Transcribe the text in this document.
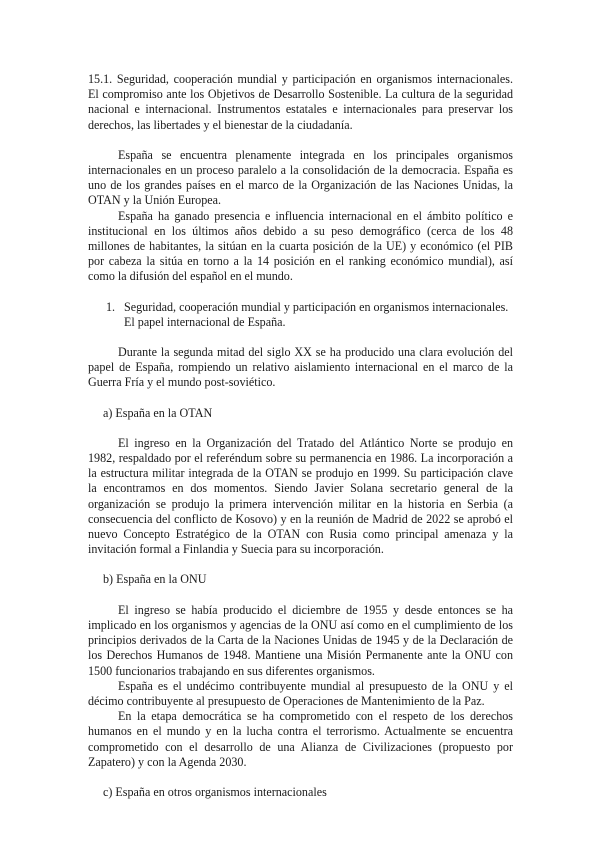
15.1. Seguridad, cooperación mundial y participación en organismos internacionales. El compromiso ante los Objetivos de Desarrollo Sostenible. La cultura de la seguridad nacional e internacional. Instrumentos estatales e internacionales para preservar los derechos, las libertades y el bienestar de la ciudadanía.

España se encuentra plenamente integrada en los principales organismos internacionales en un proceso paralelo a la consolidación de la democracia. España es uno de los grandes países en el marco de la Organización de las Naciones Unidas, la OTAN y la Unión Europea.

España ha ganado presencia e influencia internacional en el ámbito político e institucional en los últimos años debido a su peso demográfico (cerca de los 48 millones de habitantes, la sitúan en la cuarta posición de la UE) y económico (el PIB por cabeza la sitúa en torno a la 14 posición en el ranking económico mundial), así como la difusión del español en el mundo.

1. Seguridad, cooperación mundial y participación en organismos internacionales. El papel internacional de España.

Durante la segunda mitad del siglo XX se ha producido una clara evolución del papel de España, rompiendo un relativo aislamiento internacional en el marco de la Guerra Fría y el mundo post-soviético.

a) España en la OTAN

El ingreso en la Organización del Tratado del Atlántico Norte se produjo en 1982, respaldado por el referéndum sobre su permanencia en 1986. La incorporación a la estructura militar integrada de la OTAN se produjo en 1999. Su participación clave la encontramos en dos momentos. Siendo Javier Solana secretario general de la organización se produjo la primera intervención militar en la historia en Serbia (a consecuencia del conflicto de Kosovo) y en la reunión de Madrid de 2022 se aprobó el nuevo Concepto Estratégico de la OTAN con Rusia como principal amenaza y la invitación formal a Finlandia y Suecia para su incorporación.

b) España en la ONU

El ingreso se había producido el diciembre de 1955 y desde entonces se ha implicado en los organismos y agencias de la ONU así como en el cumplimiento de los principios derivados de la Carta de la Naciones Unidas de 1945 y de la Declaración de los Derechos Humanos de 1948. Mantiene una Misión Permanente ante la ONU con 1500 funcionarios trabajando en sus diferentes organismos.

España es el undécimo contribuyente mundial al presupuesto de la ONU y el décimo contribuyente al presupuesto de Operaciones de Mantenimiento de la Paz.

En la etapa democrática se ha comprometido con el respeto de los derechos humanos en el mundo y en la lucha contra el terrorismo. Actualmente se encuentra comprometido con el desarrollo de una Alianza de Civilizaciones (propuesto por Zapatero) y con la Agenda 2030.

c) España en otros organismos internacionales
